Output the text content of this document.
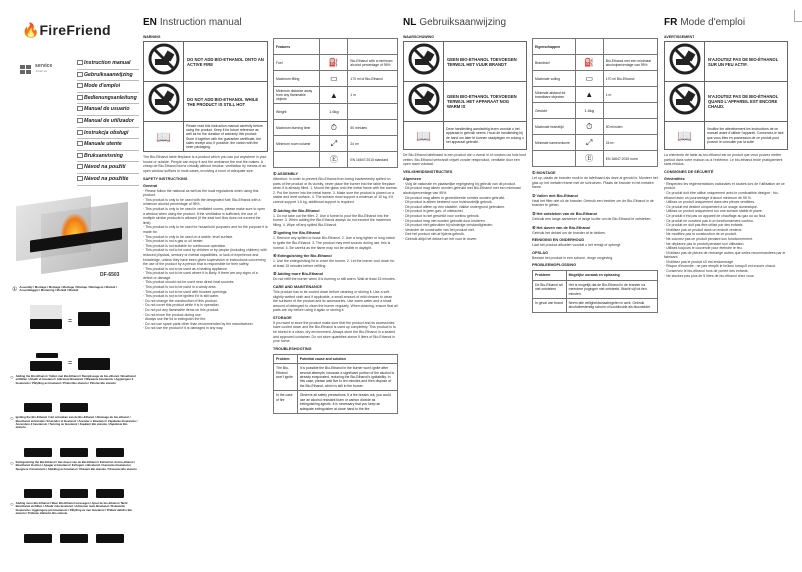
🔥 FireFriend
service
.lindor.eu
Instruction manual
Gebruiksaanwijzing
Mode d'emploi
Bedienungsanleitung
Manual de usuario
Manual de utilizador
Instrukcja obsługi
Manuale utente
Bruksanvisning
Návod na použití
Návod na použitie
DF-6503
① Assembly / Montage / Montage / Montage / Montaje / Montagem / Montaż / Assemblaggio / Montering / Montáž / Montáž
=
=
○ Adding the Bio-Ethanol / Vullen met Bio-Ethanol / Remplissage de bio-éthanol / Bioethanol einfüllen / Añadir el bioetanol / Adicionar Bioetanol / Wlewanie bioetanolu / Aggiungere il bioetanolo / Påfylling av bioetanol / Plnění Bio etanolu / Plnenie Bio etanolu
○ Igniting the Bio-Ethanol / Het ontsteken van de Bio-Ethanol / Allumage du bio-éthanol / Bioethanol entzünden / Encender el bioetanol / Acender o Bioetanol / Zapalanie bioetanolu / Accendere il bioetanolo / Tenning av bioetanol / Zapálení Bio etanolu / Zapálenie Bio etanolu
○ Extinguishing the Bio-Ethanol / Het doven van de Bio-Ethanol / Extinction du bio-éthanol / Bioethanol löschen / Apagar el bioetanol / Extinguir o Bioetanol / Gaszenie bioetanolu / Spegnere il bioetanolo / Slukking av bioetanol / Uhašení Bio etanolu / Uhasenie Bio etanolu
○ Adding more Bio-Ethanol / Meer Bio-Ethanol toevoegen / Ajout de bio-éthanol / Mehr Bioethanol einfüllen / Añadir más bioetanol / Adicionar mais Bioetanol / Dolewanie bioetanolu / Aggiungere più bioetanolo / Påfylling av mer bioetanol / Přidání dalšího Bio etanolu / Pridanie ďalšieho Bio etanolu
EN Instruction manual
WARNING
	DO NOT ADD BIO-ETHANOL ONTO AN ACTIVE FIRE
	DO NOT ADD BIO-ETHANOL WHILE THE PRODUCT IS STILL HOT
📖	Please read this instruction manual carefully before using the product. Keep it for future reference as well as for the duration of warranty this product. Store it together with the guarantee certificate, the sales receipt and, if possible, the carton with the inner packaging.

The Bio-Ethanol table fireplace is a product which you can put anywhere in your house or outside. People can enjoy it and the ambiance the real fire makes. A cheap de Bio-Ethanol burns virtually without residue, ventilation by means of an open window suffices in most cases, involving a room of adequate size.

SAFETY INSTRUCTIONS
General
· Please follow the national as well as the local regulations when using this product.
· This product is only to be used with the designated fuel; Bio-Ethanol with a minimum alcohol percentage of 95%.
· This product is only to be used in ventilated rooms, please make sure to open a window when using the product. If the ventilation is sufficient, the use of multiple similar products is allowed (if the total fuel flow does not exceed the limit).
· This product is only to be used for household purposes and for the purpose it is made for.
· This product is only to be used on a stable, level surface.
· This product is not a gas or oil heater.
· This product is not suitable for continuous operation.
· This product is not to be used by children or by people (including children) with reduced physical, sensory or mental capabilities, or lack of experience and knowledge, unless they have been given supervision or instructions concerning the use of the product by a person that is responsible for their safety.
· This product is not to be used as a heating appliance.
· This product is not to be used where it is likely. If there are any signs of a defect or damage.
· This product should not be used near direct heat sources.
· This product is not to be used in a windy area.
· This product is not to be used with blocked openings.
· This product is not to be ignited if it is still warm.
· Do not change the construction of this product.
· Do not cover this product while it is in operation.
· Do not put any flammable items on this product.
· Do not move the product during use.
· Always use the lid to extinguish the fire.
· Do not use spare parts other than recommended by the manufacturer.
· Do not use the product if it is damaged in any way.
Features		
Fuel	⛽	Bio-Ethanol with a minimum alcohol percentage of 95%
Maximum filling	▭	170 ml of Bio-Ethanol
Minimum distance away from any flammable objects	▲	1 m
Weight	1.6kg	
Maximum burning time	⏱	50 minutes
Minimum room volume	⤢	24 m³
	Ⓔ	EN 16647:2015 standard
① ASSEMBLY

Attention: In order to prevent Bio-Ethanol from being inadvertently spilled on parts of the product or its vicinity, never place the burner into the table fireplace when it is already filled. 1. Mount the glass onto the metal frame with the screws. 2. Put the burner into the metal frame. 3. Make sure the product is placed on a stable and level surface. 4. The surface must support a minimum of 10 kg, if it cannot support 1.6 kg, additional support is required.

② Adding the Bio-Ethanol

1. Do not take out the filter. 2. Use a funnel to pour the Bio-Ethanol into the burner. 3. When adding the Bio-Ethanol always do not exceed the maximum filling. 4. Wipe off any spilled Bio-Ethanol.

③ Igniting the Bio-Ethanol

1. Remove any spilled or loose Bio-Ethanol. 2. Use a long lighter or long match to ignite the Bio-Ethanol. 3. The product may emit sounds during use, this is normal. 4. Be careful as the flame may not be visible in daylight.

④ Extinguishing the Bio-Ethanol

1. Use the extinguishing lid to cover the burner. 2. Let the burner cool down for at least 15 minutes before refilling.

⑤ Adding more Bio-Ethanol

Do not refill the burner when it is burning or still warm. Wait at least 15 minutes.

CARE AND MAINTENANCE

This product has to be cooled down before cleaning or storing it. Use a soft, slightly wetted cloth and if applicable, a small amount of mild cleaner to clean the surfaces of the product and its accessories. Use warm water and a small amount of detergent to clean the burner regularly. When cleaning, ensure that all parts are dry before using it again or storing it.

STORAGE

If you want to store the product make sure that the product and its accessories have cooled down and the Bio-Ethanol is used up completely. This product is to be stored in a clean, dry environment. Always store the Bio-Ethanol in a sealed and approved container. Do not store quantities above 5 liters of Bio-Ethanol in your home.

TROUBLESHOOTING
Problem	Potential cause and solution
The Bio-Ethanol won't ignite	It is possible the Bio-Ethanol in the burner won't ignite after several attempts, because a significant portion of the alcohol is already evaporated, reducing the Bio-Ethanol's ignitability. In this case, please wait five to ten minutes and then dispose of the Bio-Ethanol, which is still in the burner.
In the case of fire	Observe all safety precautions. If a fire breaks out, you could use an alcohol resistant foam or carbon dioxide as extinguishing agents. It is necessary that you keep an adequate extinguisher at close hand to the fire.
NL Gebruiksaanwijzing
WAARSCHUWING
	GEEN BIO-ETHANOL TOEVOEGEN TERWIJL HET VUUR BRANDT
	GEEN BIO-ETHANOL TOEVOEGEN TERWIJL HET APPARAAT NOG WARM IS
📖	Deze handleiding aandachtig lezen voordat u het apparaat in gebruik neemt. Houd de handleiding bij de hand om later te kunnen raadplegen en zolang u het apparaat gebruikt.

De Bio-Ethanol tafelhaard is een product die u overal in of rondom uw huis kunt zetten. Bio-Ethanol verbrandt vrijwel zonder restproduct, ventilatie door een open raam volstaat.

VEILIGHEIDSINSTRUCTIES
Algemeen
· Volg de nationale en plaatselijke regelgeving bij gebruik van dit product.
· Dit product mag alleen worden gebruikt met Bio-Ethanol met een minimaal alcoholpercentage van 95%.
· Dit product mag alleen in geventileerde ruimtes worden gebruikt.
· Dit product is alleen bestemd voor huishoudelijk gebruik.
· Dit product alleen op een stabiele, vlakke ondergrond gebruiken.
· Dit product is geen gas- of oliekachel.
· Dit product is niet geschikt voor continu gebruik.
· Dit product mag niet worden gebruikt door kinderen.
· Dit product niet gebruiken bij winderige omstandigheden.
· Verander de constructie van het product niet.
· Dek het product niet af tijdens gebruik.
· Gebruik altijd het deksel om het vuur te doven.
Eigenschappen		
Brandstof	⛽	Bio-Ethanol met een minimaal alcoholpercentage van 95%
Maximale vulling	▭	170 ml Bio-Ethanol
Minimale afstand tot brandbare objecten	▲	1 m
Gewicht	1.6kg	
Maximale brandtijd	⏱	50 minuten
Minimale kamervolume	⤢	24 m³
	Ⓔ	EN 16647:2015 norm
① MONTAGE

Let op: plaats de brander nooit in de tafelhaard als deze al gevuld is. Monteer het glas op het metalen frame met de schroeven. Plaats de brander in het metalen frame.

② Vullen met Bio-Ethanol

Haal het filter niet uit de brander. Gebruik een trechter om de Bio-Ethanol in de brander te gieten.

③ Het ontsteken van de Bio-Ethanol

Gebruik een lange aansteker of lange lucifer om de Bio-Ethanol te ontsteken.

④ Het doven van de Bio-Ethanol

Gebruik het deksel om de brander af te dekken.

REINIGING EN ONDERHOUD

Laat het product afkoelen voordat u het reinigt of opbergt.

OPSLAG

Bewaar het product in een schone, droge omgeving.

PROBLEEMOPLOSSING
Probleem	Mogelijke oorzaak en oplossing
De Bio-Ethanol wil niet ontsteken	Het is mogelijk dat de Bio-Ethanol in de brander na meerdere pogingen niet ontsteekt. Wacht vijf tot tien minuten.
In geval van brand	Neem alle veiligheidsmaatregelen in acht. Gebruik alcoholbestendig schuim of kooldioxide als blusmiddel.
FR Mode d'emploi
AVERTISSEMENT
	N'AJOUTEZ PAS DE BIO-ÉTHANOL SUR UN FEU ACTIF.
	N'AJOUTEZ PAS DE BIO-ÉTHANOL QUAND L'APPAREIL EST ENCORE CHAUD.
📖	Veuillez lire attentivement les instructions de ce manuel avant d'utiliser l'appareil. Conservez-le tant que vous êtes en possession de ce produit pour pouvoir le consulter par la suite.

La cheminée de table au bio-éthanol est un produit que vous pouvez mettre partout dans votre maison ou à l'extérieur. Le bio-éthanol brûle pratiquement sans résidus.

CONSIGNES DE SÉCURITÉ
Généralités
· Respectez les réglementations nationales et locales lors de l'utilisation de ce produit.
· Ce produit doit être utilisé uniquement avec le combustible désigné ; bio-éthanol avec un pourcentage d'alcool minimum de 95 %.
· Utilisez ce produit uniquement dans des pièces ventilées.
· Ce produit est destiné uniquement à un usage domestique.
· Utilisez ce produit uniquement sur une surface stable et plane.
· Ce produit n'est pas un appareil de chauffage au gaz ou au fioul.
· Ce produit ne convient pas à un fonctionnement continu.
· Ce produit ne doit pas être utilisé par des enfants.
· N'utilisez pas ce produit dans un endroit venteux.
· Ne modifiez pas la construction de ce produit.
· Ne couvrez pas ce produit pendant son fonctionnement.
· Ne déplacez pas le produit pendant son utilisation.
· Utilisez toujours le couvercle pour éteindre le feu.
· N'utilisez pas de pièces de rechange autres que celles recommandées par le fabricant.
· N'utilisez pas le produit s'il est endommagé.
· Risque d'incendie : ne pas remplir le brûleur lorsqu'il est encore chaud.
· Conservez le bio-éthanol hors de portée des enfants.
· Ne stockez pas plus de 5 litres de bio-éthanol chez vous.
